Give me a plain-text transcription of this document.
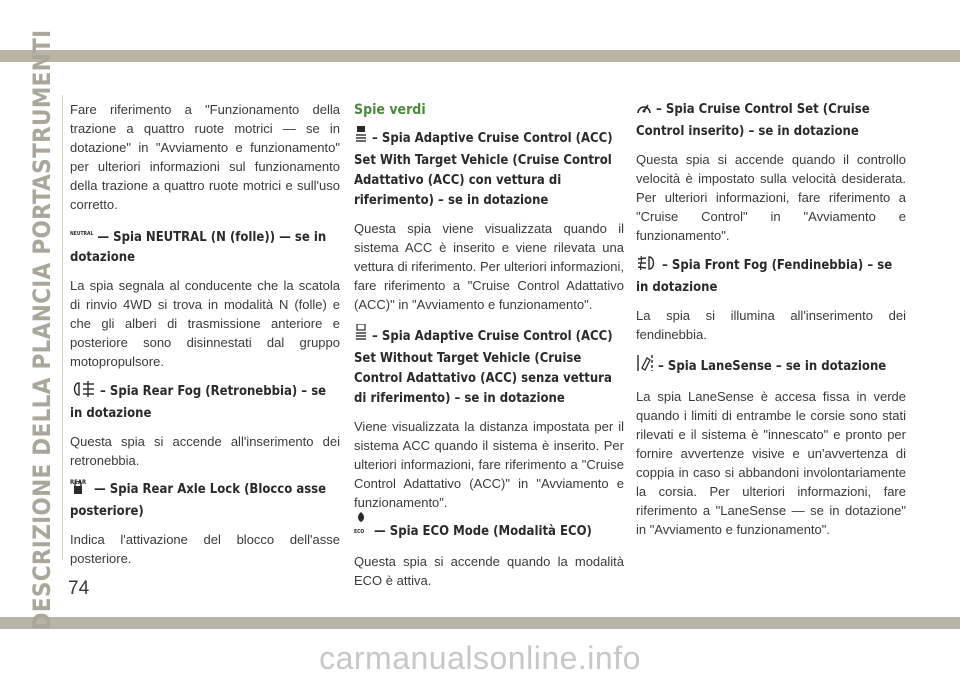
DESCRIZIONE DELLA PLANCIA PORTASTRUMENTI 74

Fare riferimento a "Funzionamento della trazione a quattro ruote motrici — se in dotazione" in "Avviamento e funzionamento" per ulteriori informazioni sul funzionamento della trazione a quattro ruote motrici e sull'uso corretto.

NEUTRAL — Spia NEUTRAL (N (folle)) — se in dotazione

La spia segnala al conducente che la scatola di rinvio 4WD si trova in modalità N (folle) e che gli alberi di trasmissione anteriore e posteriore sono disinnestati dal gruppo motopropulsore.

– Spia Rear Fog (Retronebbia) – se in dotazione

Questa spia si accende all'inserimento dei retronebbia.

REAR — Spia Rear Axle Lock (Blocco asse posteriore)

Indica l'attivazione del blocco dell'asse posteriore.

Spie verdi
– Spia Adaptive Cruise Control (ACC) Set With Target Vehicle (Cruise Control Adattativo (ACC) con vettura di riferimento) – se in dotazione

Questa spia viene visualizzata quando il sistema ACC è inserito e viene rilevata una vettura di riferimento. Per ulteriori informazioni, fare riferimento a "Cruise Control Adattativo (ACC)" in "Avviamento e funzionamento".

– Spia Adaptive Cruise Control (ACC) Set Without Target Vehicle (Cruise Control Adattativo (ACC) senza vettura di riferimento) – se in dotazione

Viene visualizzata la distanza impostata per il sistema ACC quando il sistema è inserito. Per ulteriori informazioni, fare riferimento a "Cruise Control Adattativo (ACC)" in "Avviamento e funzionamento".

$^{ECO}$ — Spia ECO Mode (Modalità ECO)

Questa spia si accende quando la modalità ECO è attiva.

– Spia Cruise Control Set (Cruise Control inserito) – se in dotazione

Questa spia si accende quando il controllo velocità è impostato sulla velocità desiderata. Per ulteriori informazioni, fare riferimento a "Cruise Control" in "Avviamento e funzionamento".

– Spia Front Fog (Fendinebbia) – se in dotazione

La spia si illumina all'inserimento dei fendinebbia.

– Spia LaneSense – se in dotazione

La spia LaneSense è accesa fissa in verde quando i limiti di entrambe le corsie sono stati rilevati e il sistema è "innescato" e pronto per fornire avvertenze visive e un'avvertenza di coppia in caso si abbandoni involontariamente la corsia. Per ulteriori informazioni, fare riferimento a "LaneSense — se in dotazione" in "Avviamento e funzionamento".

carmanualsonline.info
